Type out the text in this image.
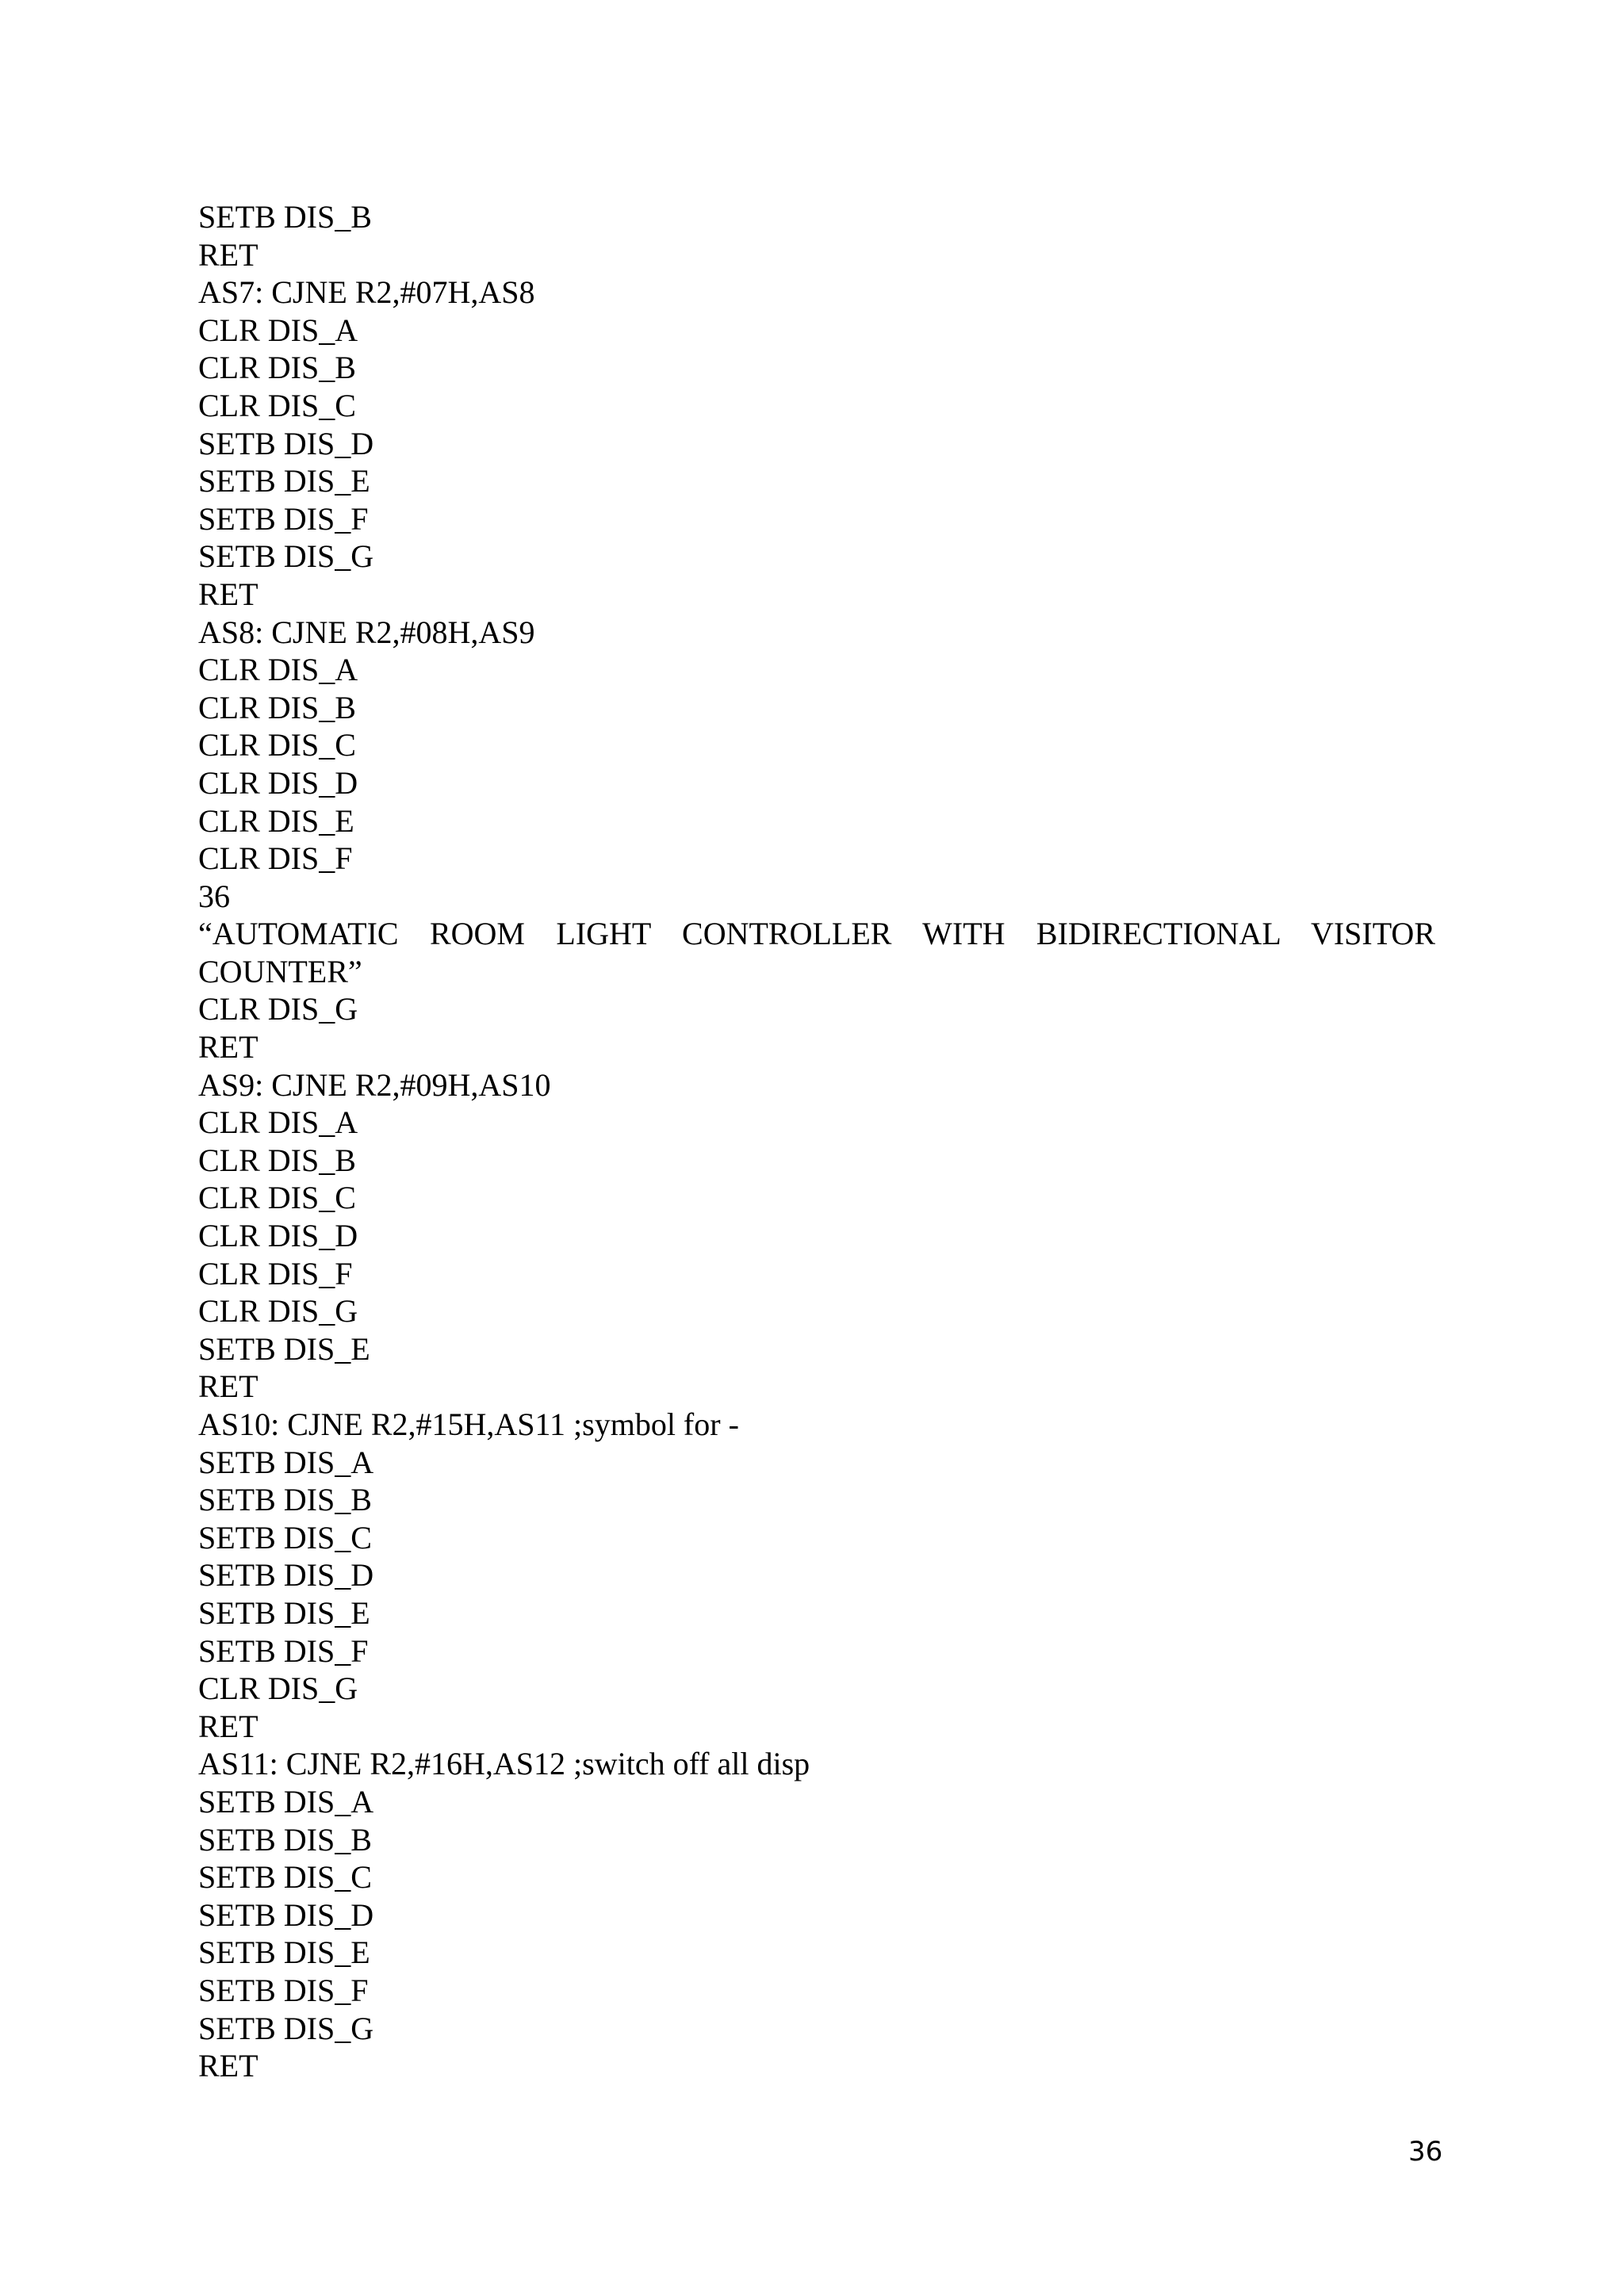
SETB DIS_B
RET
AS7: CJNE R2,#07H,AS8
CLR DIS_A
CLR DIS_B
CLR DIS_C
SETB DIS_D
SETB DIS_E
SETB DIS_F
SETB DIS_G
RET
AS8: CJNE R2,#08H,AS9
CLR DIS_A
CLR DIS_B
CLR DIS_C
CLR DIS_D
CLR DIS_E
CLR DIS_F
36
“AUTOMATIC ROOM LIGHT CONTROLLER WITH BIDIRECTIONAL VISITOR
COUNTER”
CLR DIS_G
RET
AS9: CJNE R2,#09H,AS10
CLR DIS_A
CLR DIS_B
CLR DIS_C
CLR DIS_D
CLR DIS_F
CLR DIS_G
SETB DIS_E
RET
AS10: CJNE R2,#15H,AS11 ;symbol for -
SETB DIS_A
SETB DIS_B
SETB DIS_C
SETB DIS_D
SETB DIS_E
SETB DIS_F
CLR DIS_G
RET
AS11: CJNE R2,#16H,AS12 ;switch off all disp
SETB DIS_A
SETB DIS_B
SETB DIS_C
SETB DIS_D
SETB DIS_E
SETB DIS_F
SETB DIS_G
RET
36
